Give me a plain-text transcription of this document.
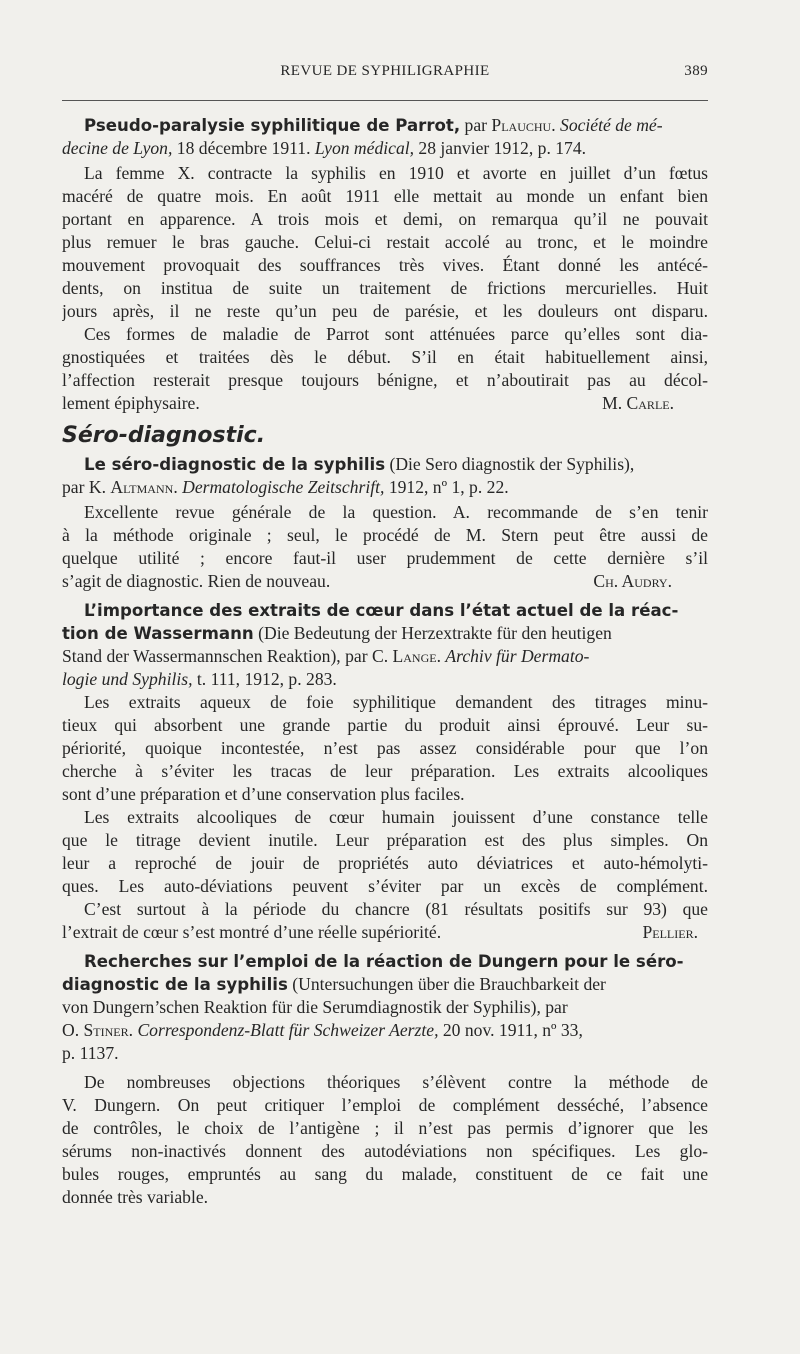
REVUE DE SYPHILIGRAPHIE	389
Pseudo-paralysie syphilitique de Parrot, par Plauchu. Société de mé-
decine de Lyon, 18 décembre 1911. Lyon médical, 28 janvier 1912, p. 174.
La femme X. contracte la syphilis en 1910 et avorte en juillet d’un fœtus
macéré de quatre mois. En août 1911 elle mettait au monde un enfant bien
portant en apparence. A trois mois et demi, on remarqua qu’il ne pouvait
plus remuer le bras gauche. Celui-ci restait accolé au tronc, et le moindre
mouvement provoquait des souffrances très vives. Étant donné les antécé-
dents, on institua de suite un traitement de frictions mercurielles. Huit
jours après, il ne reste qu’un peu de parésie, et les douleurs ont disparu.
Ces formes de maladie de Parrot sont atténuées parce qu’elles sont dia-
gnostiquées et traitées dès le début. S’il en était habituellement ainsi,
l’affection resterait presque toujours bénigne, et n’aboutirait pas au décol-
lement épiphysaire.	M. Carle.
Séro-diagnostic.
Le séro-diagnostic de la syphilis (Die Sero diagnostik der Syphilis),
par K. Altmann. Dermatologische Zeitschrift, 1912, nº 1, p. 22.
Excellente revue générale de la question. A. recommande de s’en tenir
à la méthode originale ; seul, le procédé de M. Stern peut être aussi de
quelque utilité ; encore faut-il user prudemment de cette dernière s’il
s’agit de diagnostic. Rien de nouveau.	Ch. Audry.
L’importance des extraits de cœur dans l’état actuel de la réac-
tion de Wassermann (Die Bedeutung der Herzextrakte für den heutigen
Stand der Wassermannschen Reaktion), par C. Lange. Archiv für Dermato-
logie und Syphilis, t. 111, 1912, p. 283.
Les extraits aqueux de foie syphilitique demandent des titrages minu-
tieux qui absorbent une grande partie du produit ainsi éprouvé. Leur su-
périorité, quoique incontestée, n’est pas assez considérable pour que l’on
cherche à s’éviter les tracas de leur préparation. Les extraits alcooliques
sont d’une préparation et d’une conservation plus faciles.
Les extraits alcooliques de cœur humain jouissent d’une constance telle
que le titrage devient inutile. Leur préparation est des plus simples. On
leur a reproché de jouir de propriétés auto déviatrices et auto-hémolyti-
ques. Les auto-déviations peuvent s’éviter par un excès de complément.
C’est surtout à la période du chancre (81 résultats positifs sur 93) que
l’extrait de cœur s’est montré d’une réelle supériorité.	Pellier.
Recherches sur l’emploi de la réaction de Dungern pour le séro-
diagnostic de la syphilis (Untersuchungen über die Brauchbarkeit der
von Dungern’schen Reaktion für die Serumdiagnostik der Syphilis), par
O. Stiner. Correspondenz-Blatt für Schweizer Aerzte, 20 nov. 1911, nº 33,
p. 1137.
De nombreuses objections théoriques s’élèvent contre la méthode de
V. Dungern. On peut critiquer l’emploi de complément desséché, l’absence
de contrôles, le choix de l’antigène ; il n’est pas permis d’ignorer que les
sérums non-inactivés donnent des autodéviations non spécifiques. Les glo-
bules rouges, empruntés au sang du malade, constituent de ce fait une
donnée très variable.
